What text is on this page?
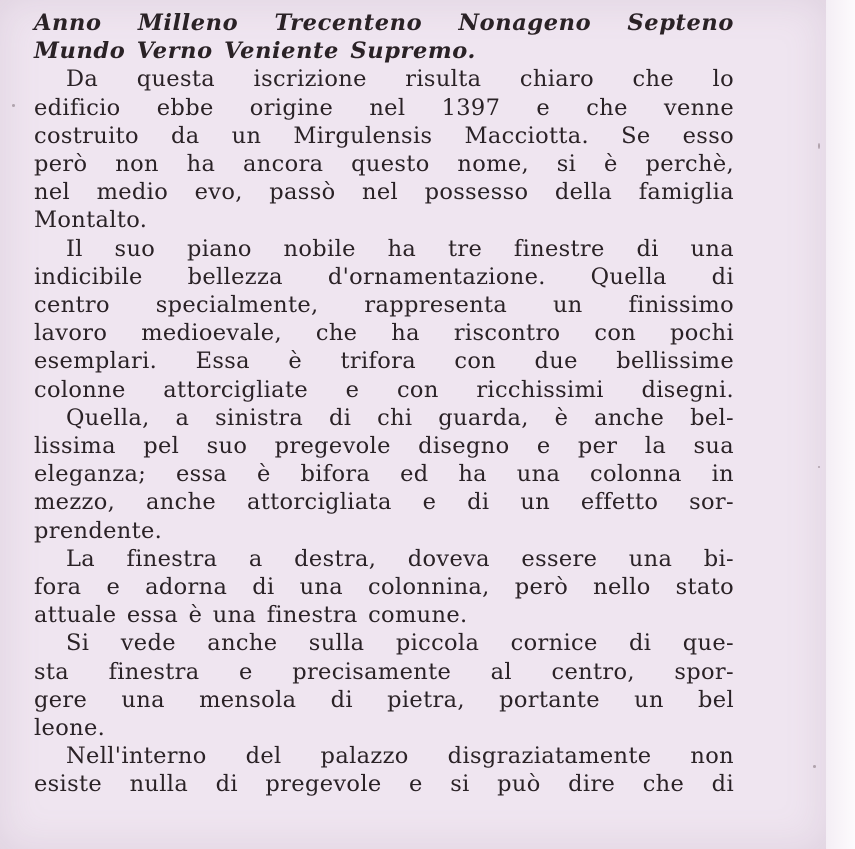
Anno Milleno Trecenteno Nonageno Septeno
Mundo Verno Veniente Supremo.
Da questa iscrizione risulta chiaro che lo
edificio ebbe origine nel 1397 e che venne
costruito da un Mirgulensis Macciotta. Se esso
però non ha ancora questo nome, si è perchè,
nel medio evo, passò nel possesso della famiglia
Montalto.
Il suo piano nobile ha tre finestre di una
indicibile bellezza d'ornamentazione. Quella di
centro specialmente, rappresenta un finissimo
lavoro medioevale, che ha riscontro con pochi
esemplari. Essa è trifora con due bellissime
colonne attorcigliate e con ricchissimi disegni.
Quella, a sinistra di chi guarda, è anche bel-
lissima pel suo pregevole disegno e per la sua
eleganza; essa è bifora ed ha una colonna in
mezzo, anche attorcigliata e di un effetto sor-
prendente.
La finestra a destra, doveva essere una bi-
fora e adorna di una colonnina, però nello stato
attuale essa è una finestra comune.
Si vede anche sulla piccola cornice di que-
sta finestra e precisamente al centro, spor-
gere una mensola di pietra, portante un bel
leone.
Nell'interno del palazzo disgraziatamente non
esiste nulla di pregevole e si può dire che di
